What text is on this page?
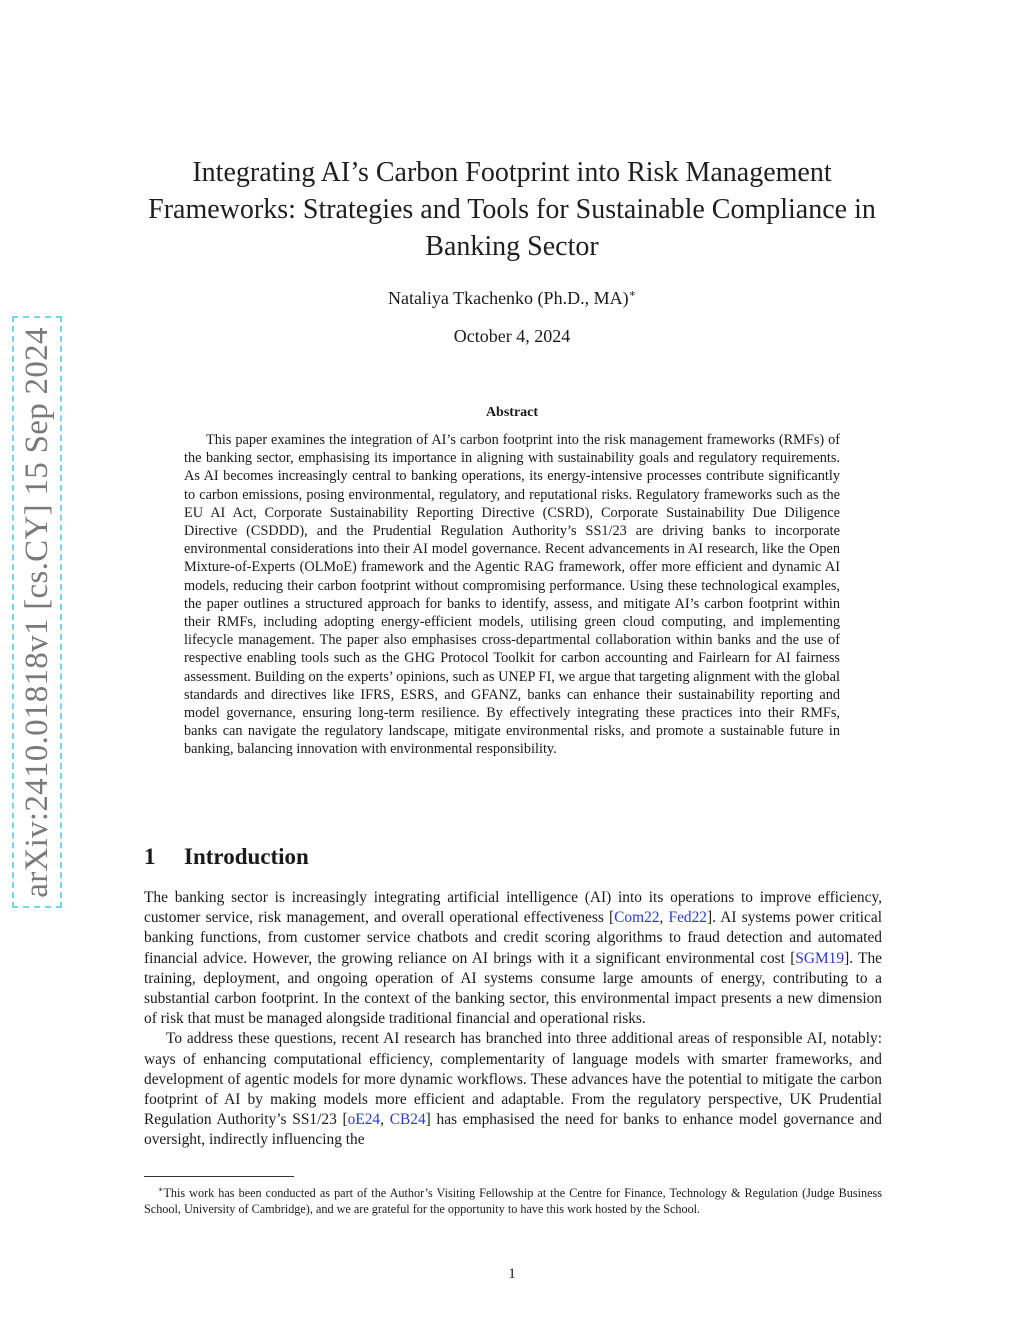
arXiv:2410.01818v1 [cs.CY] 15 Sep 2024
Integrating AI’s Carbon Footprint into Risk Management Frameworks: Strategies and Tools for Sustainable Compliance in Banking Sector
Nataliya Tkachenko (Ph.D., MA)∗
October 4, 2024
Abstract

This paper examines the integration of AI’s carbon footprint into the risk management frameworks (RMFs) of the banking sector, emphasising its importance in aligning with sustainability goals and regulatory requirements. As AI becomes increasingly central to banking operations, its energy-intensive processes contribute significantly to carbon emissions, posing environmental, regulatory, and reputational risks. Regulatory frameworks such as the EU AI Act, Corporate Sustainability Reporting Directive (CSRD), Corporate Sustainability Due Diligence Directive (CSDDD), and the Prudential Regulation Authority’s SS1/23 are driving banks to incorporate environmental considerations into their AI model governance. Recent advancements in AI research, like the Open Mixture-of-Experts (OLMoE) framework and the Agentic RAG framework, offer more efficient and dynamic AI models, reducing their carbon footprint without compromising performance. Using these technological examples, the paper outlines a structured approach for banks to identify, assess, and mitigate AI’s carbon footprint within their RMFs, including adopting energy-efficient models, utilising green cloud computing, and implementing lifecycle management. The paper also emphasises cross-departmental collaboration within banks and the use of respective enabling tools such as the GHG Protocol Toolkit for carbon accounting and Fairlearn for AI fairness assessment. Building on the experts’ opinions, such as UNEP FI, we argue that targeting alignment with the global standards and directives like IFRS, ESRS, and GFANZ, banks can enhance their sustainability reporting and model governance, ensuring long-term resilience. By effectively integrating these practices into their RMFs, banks can navigate the regulatory landscape, mitigate environmental risks, and promote a sustainable future in banking, balancing innovation with environmental responsibility.

1 Introduction

The banking sector is increasingly integrating artificial intelligence (AI) into its operations to improve efficiency, customer service, risk management, and overall operational effectiveness [Com22, Fed22]. AI systems power critical banking functions, from customer service chatbots and credit scoring algorithms to fraud detection and automated financial advice. However, the growing reliance on AI brings with it a significant environmental cost [SGM19]. The training, deployment, and ongoing operation of AI systems consume large amounts of energy, contributing to a substantial carbon footprint. In the context of the banking sector, this environmental impact presents a new dimension of risk that must be managed alongside traditional financial and operational risks.

To address these questions, recent AI research has branched into three additional areas of responsible AI, notably: ways of enhancing computational efficiency, complementarity of language models with smarter frameworks, and development of agentic models for more dynamic workflows. These advances have the potential to mitigate the carbon footprint of AI by making models more efficient and adaptable. From the regulatory perspective, UK Prudential Regulation Authority’s SS1/23 [oE24, CB24] has emphasised the need for banks to enhance model governance and oversight, indirectly influencing the

∗This work has been conducted as part of the Author’s Visiting Fellowship at the Centre for Finance, Technology & Regulation (Judge Business School, University of Cambridge), and we are grateful for the opportunity to have this work hosted by the School.

1
